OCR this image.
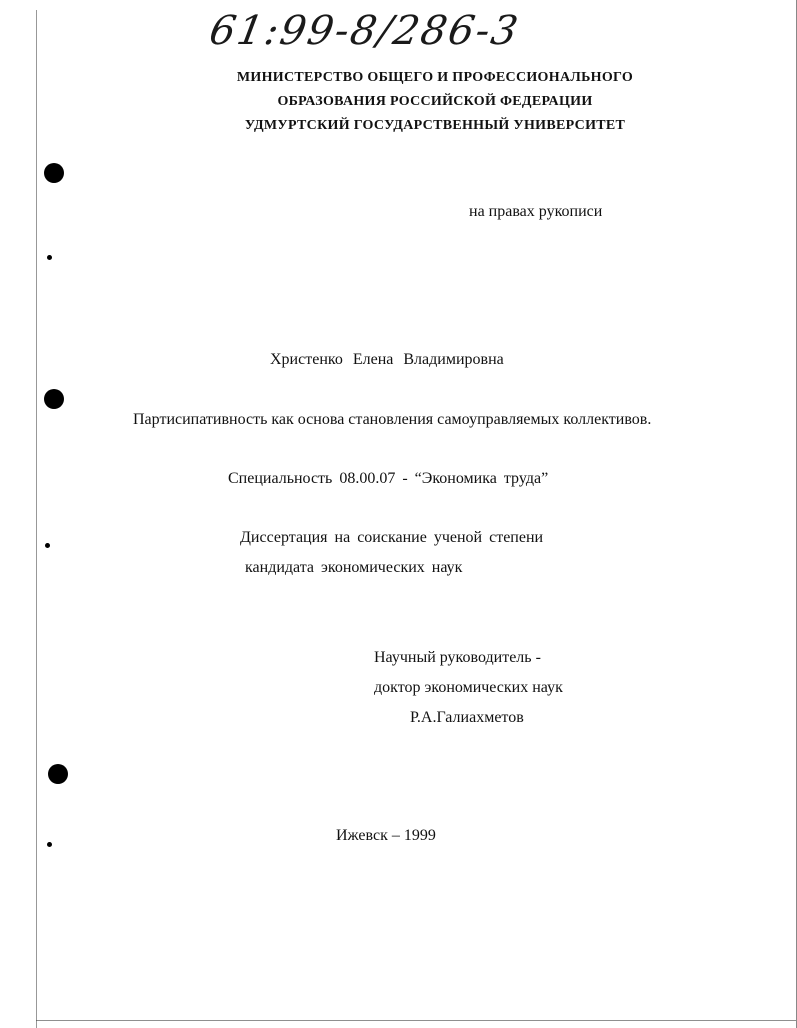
61:99-8/286-3
МИНИСТЕРСТВО ОБЩЕГО И ПРОФЕССИОНАЛЬНОГО
ОБРАЗОВАНИЯ РОССИЙСКОЙ ФЕДЕРАЦИИ
УДМУРТСКИЙ ГОСУДАРСТВЕННЫЙ УНИВЕРСИТЕТ
на правах рукописи
Христенко Елена Владимировна
Партисипативность как основа становления самоуправляемых коллективов.
Специальность 08.00.07 - “Экономика труда”
Диссертация на соискание ученой степени
кандидата экономических наук
Научный руководитель -
доктор экономических наук
Р.А.Галиахметов
Ижевск – 1999
